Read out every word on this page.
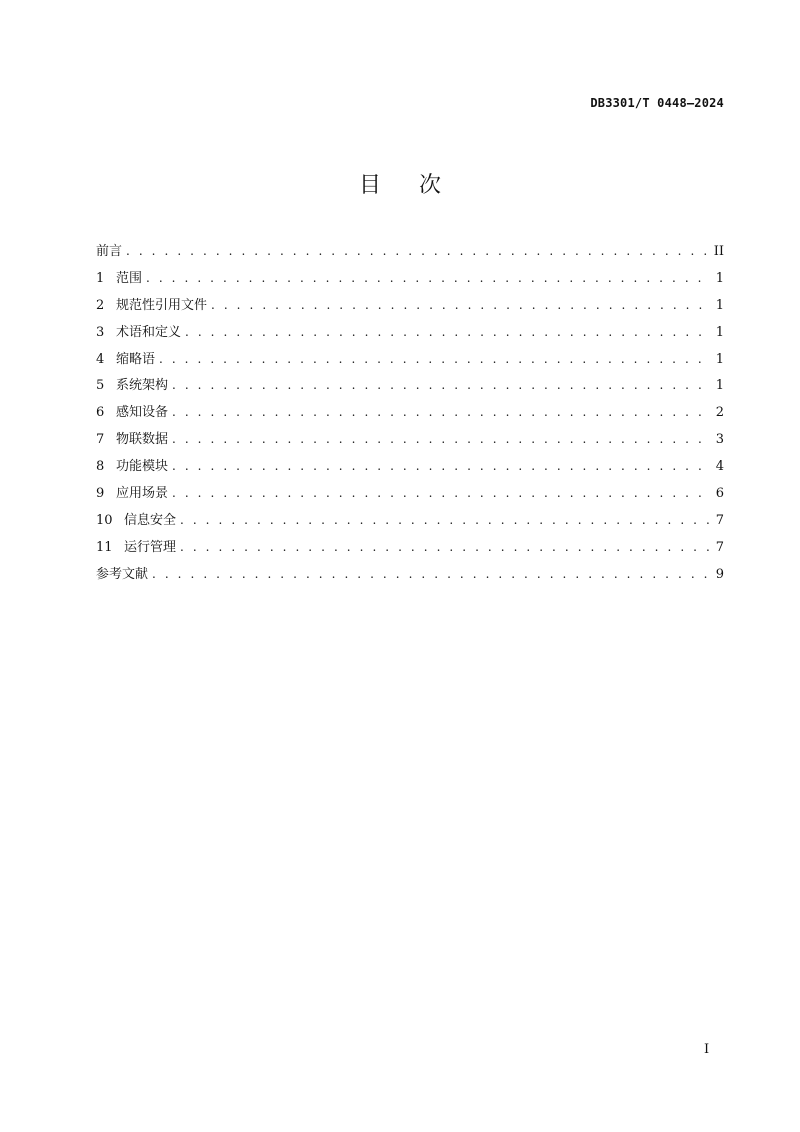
DB3301/T 0448—2024
目次
前言 . . .	II
1 范围 . . .	1
2 规范性引用文件 . . .	1
3 术语和定义 . . .	1
4 缩略语 . . .	1
5 系统架构 . . .	1
6 感知设备 . . .	2
7 物联数据 . . .	3
8 功能模块 . . .	4
9 应用场景 . . .	6
10 信息安全 . . .	7
11 运行管理 . . .	7
参考文献 . . .	9
I
